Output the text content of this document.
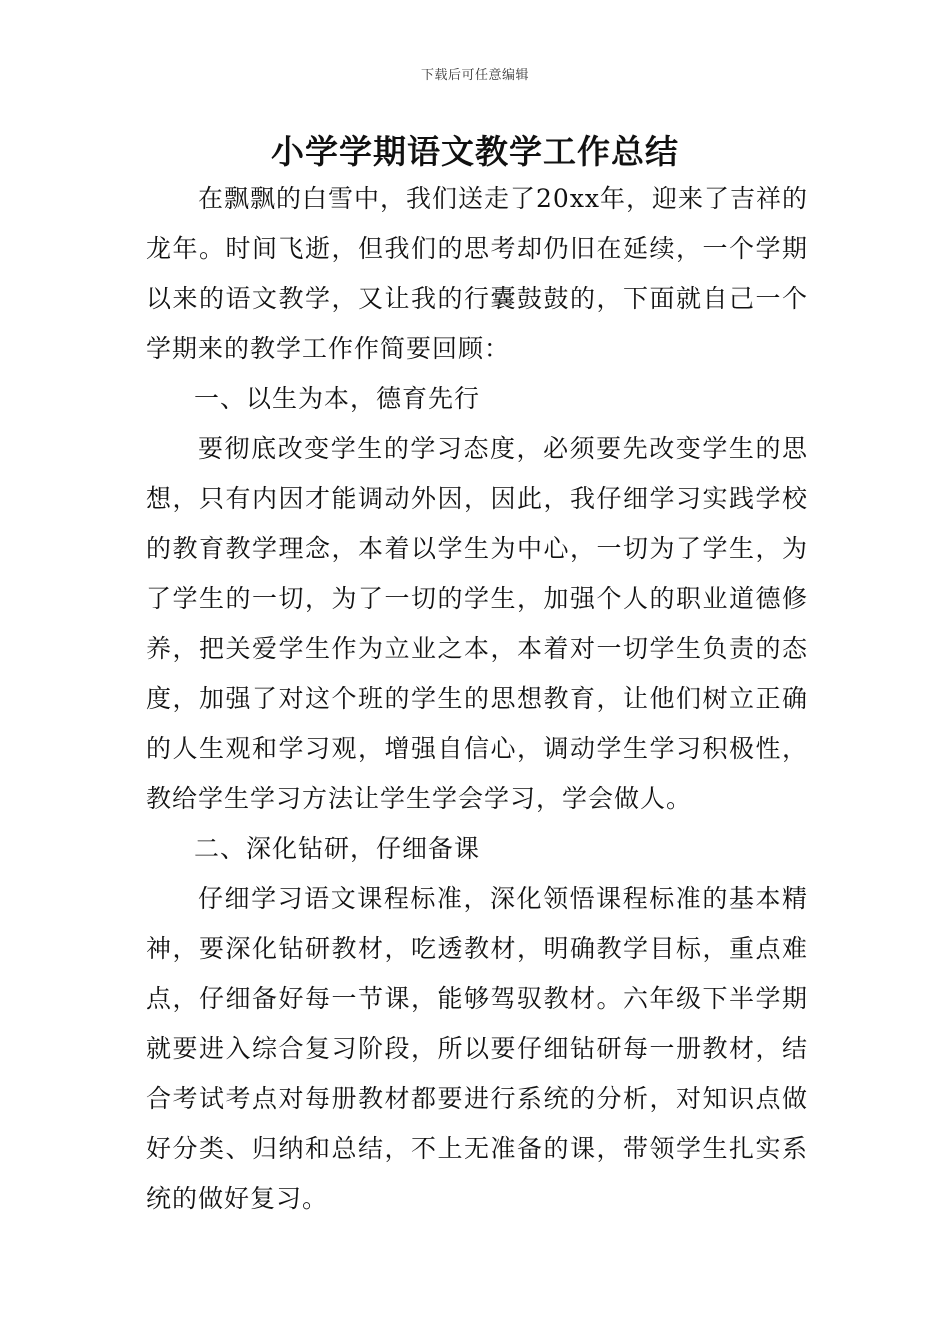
下载后可任意编辑
小学学期语文教学工作总结

在飘飘的白雪中，我们送走了20xx年，迎来了吉祥的龙年。时间飞逝，但我们的思考却仍旧在延续，一个学期以来的语文教学，又让我的行囊鼓鼓的，下面就自己一个学期来的教学工作作简要回顾：

一、以生为本，德育先行

要彻底改变学生的学习态度，必须要先改变学生的思想，只有内因才能调动外因，因此，我仔细学习实践学校的教育教学理念，本着以学生为中心，一切为了学生，为了学生的一切，为了一切的学生，加强个人的职业道德修养，把关爱学生作为立业之本，本着对一切学生负责的态度，加强了对这个班的学生的思想教育，让他们树立正确的人生观和学习观，增强自信心，调动学生学习积极性，教给学生学习方法让学生学会学习，学会做人。

二、深化钻研，仔细备课

仔细学习语文课程标准，深化领悟课程标准的基本精神，要深化钻研教材，吃透教材，明确教学目标，重点难点，仔细备好每一节课，能够驾驭教材。六年级下半学期就要进入综合复习阶段，所以要仔细钻研每一册教材，结合考试考点对每册教材都要进行系统的分析，对知识点做好分类、归纳和总结，不上无准备的课，带领学生扎实系统的做好复习。
